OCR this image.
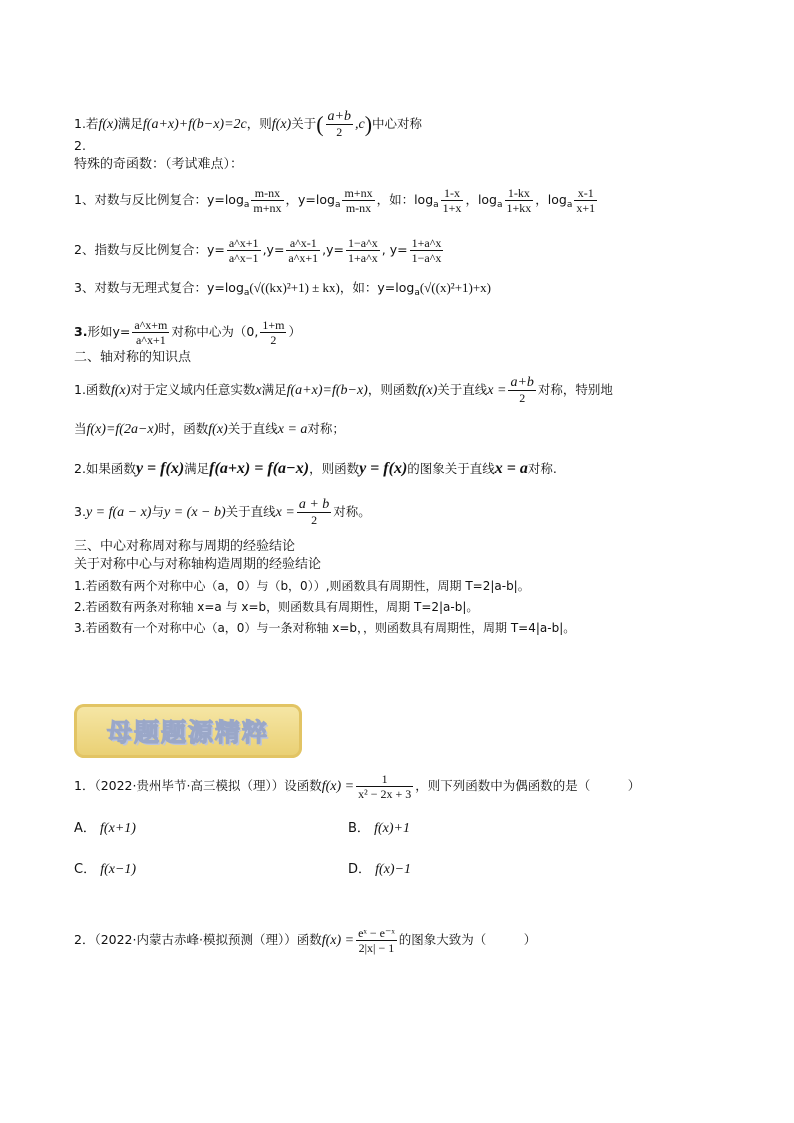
1.若f(x)满足f(a+x)+f(b−x)=2c，则f(x)关于( $\frac{a+b}{2} ,c$)中心对称
2.
特殊的奇函数：（考试难点）：
1、对数与反比例复合：$y=\log_a \frac{m-nx}{m+nx}$ ，$y=\log_a \frac{m+nx}{m-nx}$ ，如：$\log_a \frac{1-x}{1+x}$ ，$\log_a \frac{1-kx}{1+kx}$ ，$\log_a \frac{x-1}{x+1}$
2、指数与反比例复合：$y= \frac{a\^{}x+1}{a\^{}x-1} ,y= \frac{a\^{}x-1}{a\^{}x+1} ,y= \frac{1-a\^{}x}{1+a\^{}x}$ , $y= \frac{1+a\^{}x}{1-a\^{}x}$
3、对数与无理式复合：$y=\log_a(√((kx)^2+1) \pm kx)$，如：$y=\log_a(√((x)^2+1)+x)$
3.形如$y= \frac{a\^{}x+m}{a\^{}x+1}$ 对称中心为（0, $\frac{1+m}{2}$ ）
二、轴对称的知识点
1.函数f(x)对于定义域内任意实数x满足f(a+x)=f(b−x)，则函数f(x)关于直线$x = \frac{a+b}{2}$ 对称，特别地
当f(x)=f(2a−x)时，函数f(x)关于直线x = a对称；
2.如果函数y = f(x)满足f(a+x) = f(a−x)，则函数y = f(x)的图象关于直线x = a对称.
3.y = f(a − x)与y = (x − b)关于直线$x = \frac{a + b}{2}$ 对称。
三、中心对称周对称与周期的经验结论
关于对称中心与对称轴构造周期的经验结论
1.若函数有两个对称中心（a，0）与（b，0））,则函数具有周期性，周期 T=2|a-b|。
2.若函数有两条对称轴 x=a 与 x=b，则函数具有周期性，周期 T=2|a-b|。
3.若函数有一个对称中心（a，0）与一条对称轴 x=b，，则函数具有周期性，周期 T=4|a-b|。
母题题源精粹
1．（2022·贵州毕节·高三模拟（理））设函数$f(x) = \frac{1}{\text{x² − 2x + 3}}$ ，则下列函数中为偶函数的是（　　　）
A． f(x+1)	B． f(x)+1
C． f(x−1)	D． f(x)−1
2．（2022·内蒙古赤峰·模拟预测（理））函数$f(x) = \frac{\text{eˣ − e⁻ˣ}}{2|x| - 1}$ 的图象大致为（　　　）
